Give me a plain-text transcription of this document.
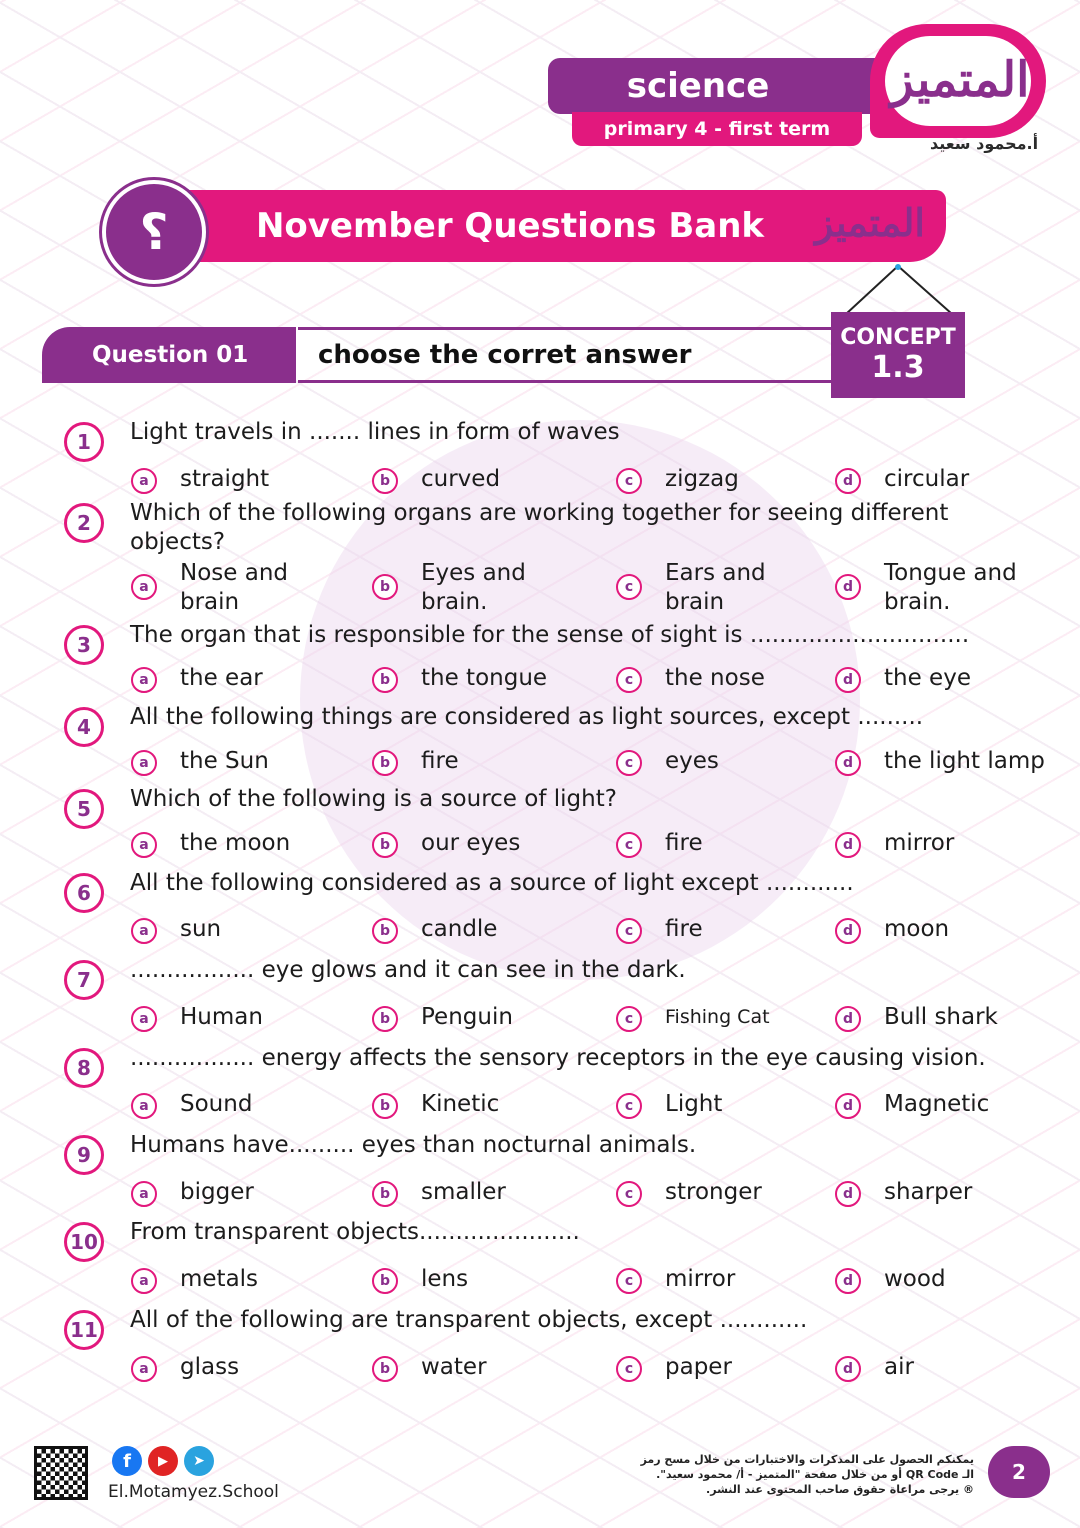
science
primary 4 - first term
المتميز
أ.محمود سعيد
November Questions Bank
؟	المتميز
Question 01	choose the corret answer
CONCEPT
1.3
1	Light travels in ....... lines in form of waves
a	straight	b	curved	c	zigzag	d	circular
2	Which of the following organs are working together for seeing different objects?
a
Nose and brain
b
Eyes and brain.
c
Ears and brain
d
Tongue and brain.
3	The organ that is responsible for the sense of sight is ..............................
a	the ear	b	the tongue	c	the nose	d	the eye
4	All the following things are considered as light sources, except .........
a	the Sun	b	fire	c	eyes	d	the light lamp
5	Which of the following is a source of light?
a	the moon	b	our eyes	c	fire	d	mirror
6	All the following considered as a source of light except ............
a	sun	b	candle	c	fire	d	moon
7	................. eye glows and it can see in the dark.
a	Human	b	Penguin	c	Fishing Cat	d	Bull shark
8	................. energy affects the sensory receptors in the eye causing vision.
a	Sound	b	Kinetic	c	Light	d	Magnetic
9	Humans have......... eyes than nocturnal animals.
a	bigger	b	smaller	c	stronger	d	sharper
10 From transparent objects......................
a	metals	b	lens	c	mirror	d	wood
11 All of the following are transparent objects, except ............
a	glass	b	water	c	paper	d	air
f	▶	➤
El.Motamyez.School
يمكنكم الحصول على المذكرات والاختبارات من خلال مسح رمز
الـ QR Code أو من خلال صفحة "المتميز - أ/ محمود سعيد".
® يرجى مراعاة حقوق صاحب المحتوى عند النشر.
2
